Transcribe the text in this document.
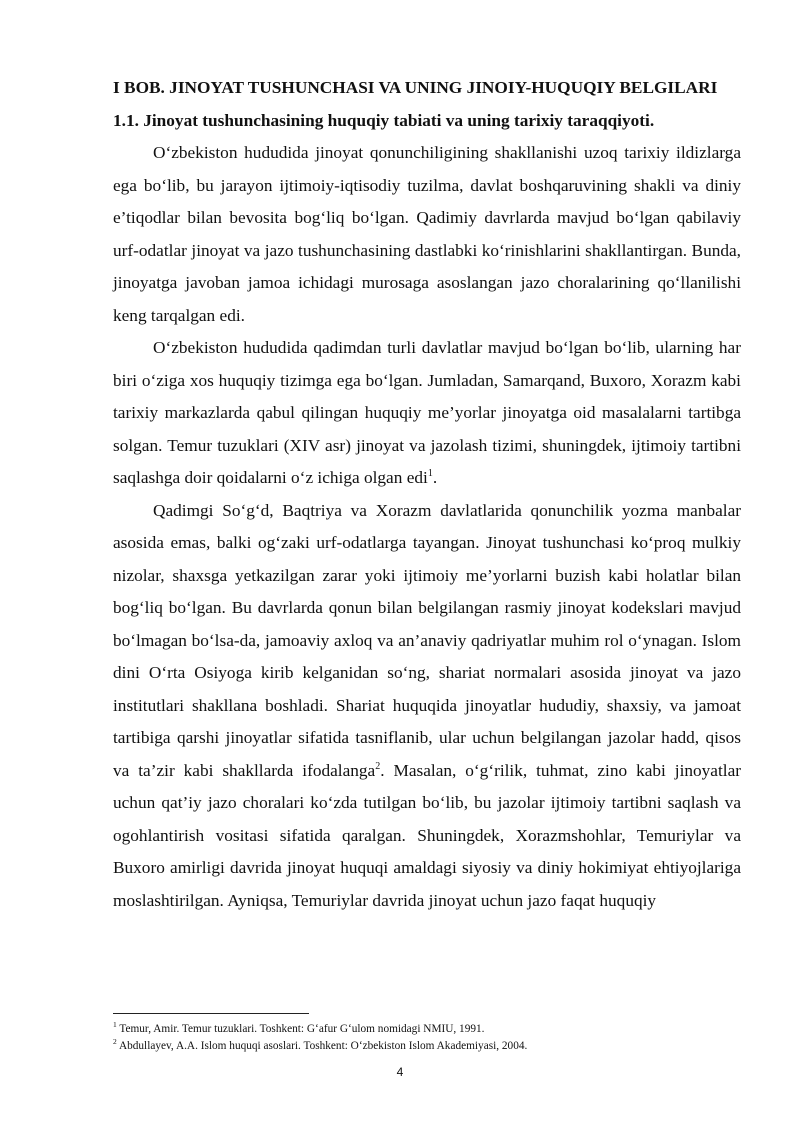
I BOB. JINOYAT TUSHUNCHASI VA UNING JINOIY-HUQUQIY BELGILARI

1.1. Jinoyat tushunchasining huquqiy tabiati va uning tarixiy taraqqiyoti.

O‘zbekiston hududida jinoyat qonunchiligining shakllanishi uzoq tarixiy ildizlarga ega bo‘lib, bu jarayon ijtimoiy-iqtisodiy tuzilma, davlat boshqaruvining shakli va diniy e’tiqodlar bilan bevosita bog‘liq bo‘lgan. Qadimiy davrlarda mavjud bo‘lgan qabilaviy urf-odatlar jinoyat va jazo tushunchasining dastlabki ko‘rinishlarini shakllantirgan. Bunda, jinoyatga javoban jamoa ichidagi murosaga asoslangan jazo choralarining qo‘llanilishi keng tarqalgan edi.

O‘zbekiston hududida qadimdan turli davlatlar mavjud bo‘lgan bo‘lib, ularning har biri o‘ziga xos huquqiy tizimga ega bo‘lgan. Jumladan, Samarqand, Buxoro, Xorazm kabi tarixiy markazlarda qabul qilingan huquqiy me’yorlar jinoyatga oid masalalarni tartibga solgan. Temur tuzuklari (XIV asr) jinoyat va jazolash tizimi, shuningdek, ijtimoiy tartibni saqlashga doir qoidalarni o‘z ichiga olgan edi$^1$.

Qadimgi So‘g‘d, Baqtriya va Xorazm davlatlarida qonunchilik yozma manbalar asosida emas, balki og‘zaki urf-odatlarga tayangan. Jinoyat tushunchasi ko‘proq mulkiy nizolar, shaxsga yetkazilgan zarar yoki ijtimoiy me’yorlarni buzish kabi holatlar bilan bog‘liq bo‘lgan. Bu davrlarda qonun bilan belgilangan rasmiy jinoyat kodekslari mavjud bo‘lmagan bo‘lsa-da, jamoaviy axloq va an’anaviy qadriyatlar muhim rol o‘ynagan. Islom dini O‘rta Osiyoga kirib kelganidan so‘ng, shariat normalari asosida jinoyat va jazo institutlari shakllana boshladi. Shariat huquqida jinoyatlar hududiy, shaxsiy, va jamoat tartibiga qarshi jinoyatlar sifatida tasniflanib, ular uchun belgilangan jazolar hadd, qisos va ta’zir kabi shakllarda ifodalanga$^2$. Masalan, o‘g‘rilik, tuhmat, zino kabi jinoyatlar uchun qat’iy jazo choralari ko‘zda tutilgan bo‘lib, bu jazolar ijtimoiy tartibni saqlash va ogohlantirish vositasi sifatida qaralgan. Shuningdek, Xorazmshohlar, Temuriylar va Buxoro amirligi davrida jinoyat huquqi amaldagi siyosiy va diniy hokimiyat ehtiyojlariga moslashtirilgan. Ayniqsa, Temuriylar davrida jinoyat uchun jazo faqat huquqiy

$^1$ Temur, Amir. Temur tuzuklari. Toshkent: G‘afur G‘ulom nomidagi NMIU, 1991.

$^2$ Abdullayev, A.A. Islom huquqi asoslari. Toshkent: O‘zbekiston Islom Akademiyasi, 2004.

4
